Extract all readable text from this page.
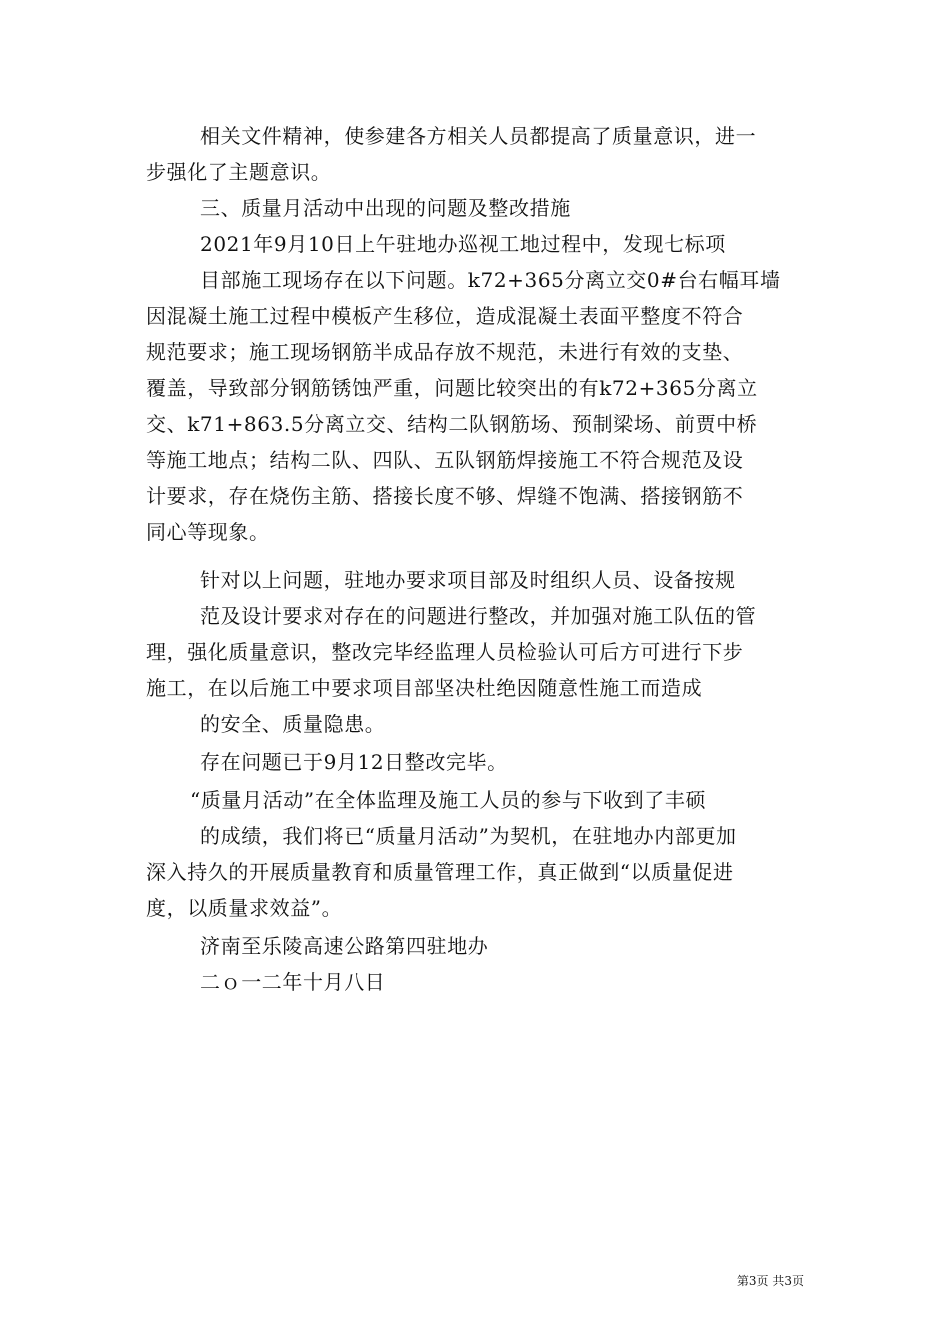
相关文件精神，使参建各方相关人员都提高了质量意识，进一
步强化了主题意识。
三、质量月活动中出现的问题及整改措施
2021年9月10日上午驻地办巡视工地过程中，发现七标项
目部施工现场存在以下问题。k72+365分离立交0#台右幅耳墙
因混凝土施工过程中模板产生移位，造成混凝土表面平整度不符合
规范要求；施工现场钢筋半成品存放不规范，未进行有效的支垫、
覆盖，导致部分钢筋锈蚀严重，问题比较突出的有k72+365分离立
交、k71+863.5分离立交、结构二队钢筋场、预制梁场、前贾中桥
等施工地点；结构二队、四队、五队钢筋焊接施工不符合规范及设
计要求，存在烧伤主筋、搭接长度不够、焊缝不饱满、搭接钢筋不
同心等现象。
针对以上问题，驻地办要求项目部及时组织人员、设备按规
范及设计要求对存在的问题进行整改，并加强对施工队伍的管
理，强化质量意识，整改完毕经监理人员检验认可后方可进行下步
施工，在以后施工中要求项目部坚决杜绝因随意性施工而造成
的安全、质量隐患。
存在问题已于9月12日整改完毕。
“质量月活动”在全体监理及施工人员的参与下收到了丰硕
的成绩，我们将已“质量月活动”为契机，在驻地办内部更加
深入持久的开展质量教育和质量管理工作，真正做到“以质量促进
度，以质量求效益”。
济南至乐陵高速公路第四驻地办
二ｏ一二年十月八日
第3页 共3页
